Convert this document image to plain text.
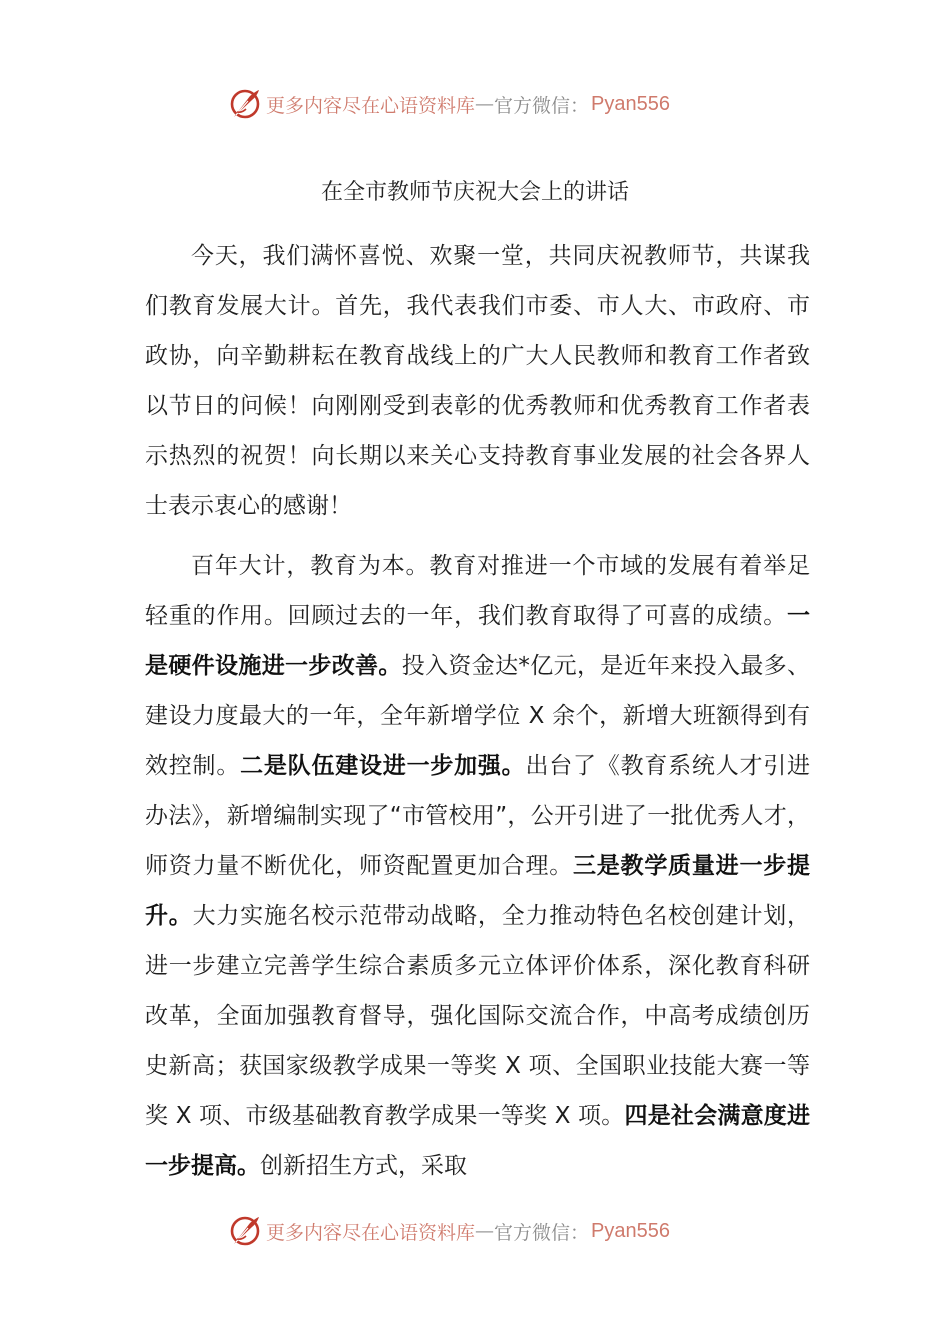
更多内容尽在心语资料库 — 官方微信： Pyan556
在全市教师节庆祝大会上的讲话

今天，我们满怀喜悦、欢聚一堂，共同庆祝教师节，共谋我们教育发展大计。首先，我代表我们市委、市人大、市政府、市政协，向辛勤耕耘在教育战线上的广大人民教师和教育工作者致以节日的问候！向刚刚受到表彰的优秀教师和优秀教育工作者表示热烈的祝贺！向长期以来关心支持教育事业发展的社会各界人士表示衷心的感谢！

百年大计，教育为本。教育对推进一个市域的发展有着举足轻重的作用。回顾过去的一年，我们教育取得了可喜的成绩。一是硬件设施进一步改善。投入资金达*亿元，是近年来投入最多、建设力度最大的一年，全年新增学位 X 余个，新增大班额得到有效控制。二是队伍建设进一步加强。出台了《教育系统人才引进办法》，新增编制实现了“市管校用”，公开引进了一批优秀人才，师资力量不断优化，师资配置更加合理。三是教学质量进一步提升。大力实施名校示范带动战略，全力推动特色名校创建计划，进一步建立完善学生综合素质多元立体评价体系，深化教育科研改革，全面加强教育督导，强化国际交流合作，中高考成绩创历史新高；获国家级教学成果一等奖 X 项、全国职业技能大赛一等奖 X 项、市级基础教育教学成果一等奖 X 项。四是社会满意度进一步提高。创新招生方式，采取

更多内容尽在心语资料库 — 官方微信： Pyan556
